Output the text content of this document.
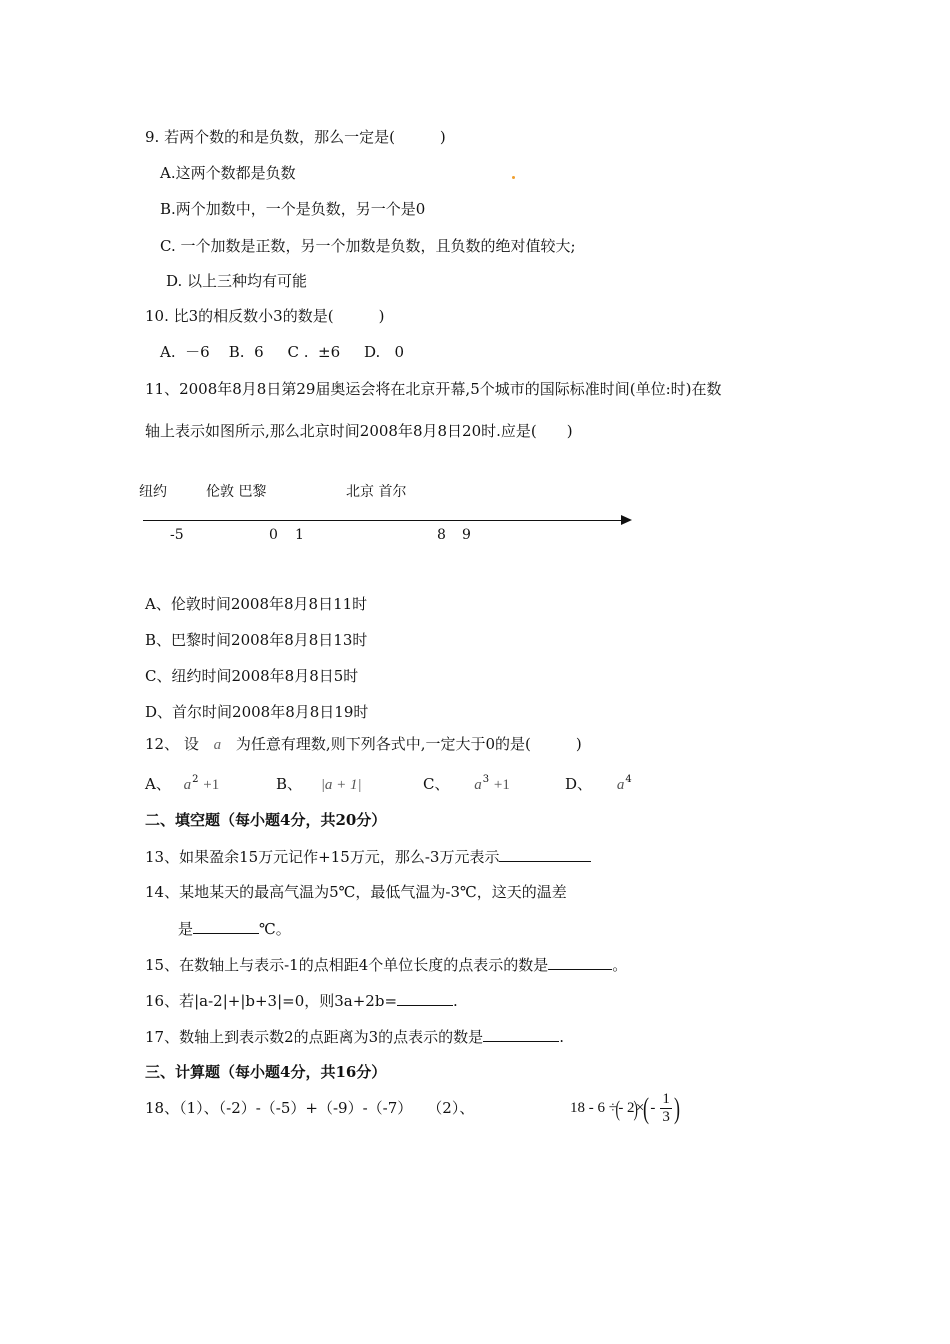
9. 若两个数的和是负数，那么一定是(　　　)
A.这两个数都是负数
B.两个加数中，一个是负数，另一个是0
C. 一个加数是正数，另一个加数是负数，且负数的绝对值较大;
D. 以上三种均有可能
10. 比3的相反数小3的数是(　　　)
A.  －6    B.  6     C .  ±6     D.   0
11、2008年8月8日第29届奥运会将在北京开幕,5个城市的国际标准时间(单位:时)在数
轴上表示如图所示,那么北京时间2008年8月8日20时.应是(　　)
纽约	伦敦 巴黎	北京 首尔
-5	0 1	8 9
A、伦敦时间2008年8月8日11时
B、巴黎时间2008年8月8日13时
C、纽约时间2008年8月8日5时
D、首尔时间2008年8月8日19时
12、 设 a 为任意有理数,则下列各式中,一定大于0的是(　　　)
A、 $a^2 +1$	B、 |a + 1|	C、 $a^3 +1$	D、 $a^4$
二、填空题（每小题4分，共20分）
13、如果盈余15万元记作+15万元，那么-3万元表示
14、某地某天的最高气温为5℃，最低气温为-3℃，这天的温差
是	℃。
15、在数轴上与表示-1的点相距4个单位长度的点表示的数是	。
16、若|a-2|+|b+3|=0，则3a+2b=	.
17、数轴上到表示数2的点距离为3的点表示的数是	.
三、计算题（每小题4分，共16分）
18、（1）、（-2）-（-5）+（-9）-（-7）　　（2）、	18 - 6 ÷(- $2)\times(- \frac{1}{3}$ )
